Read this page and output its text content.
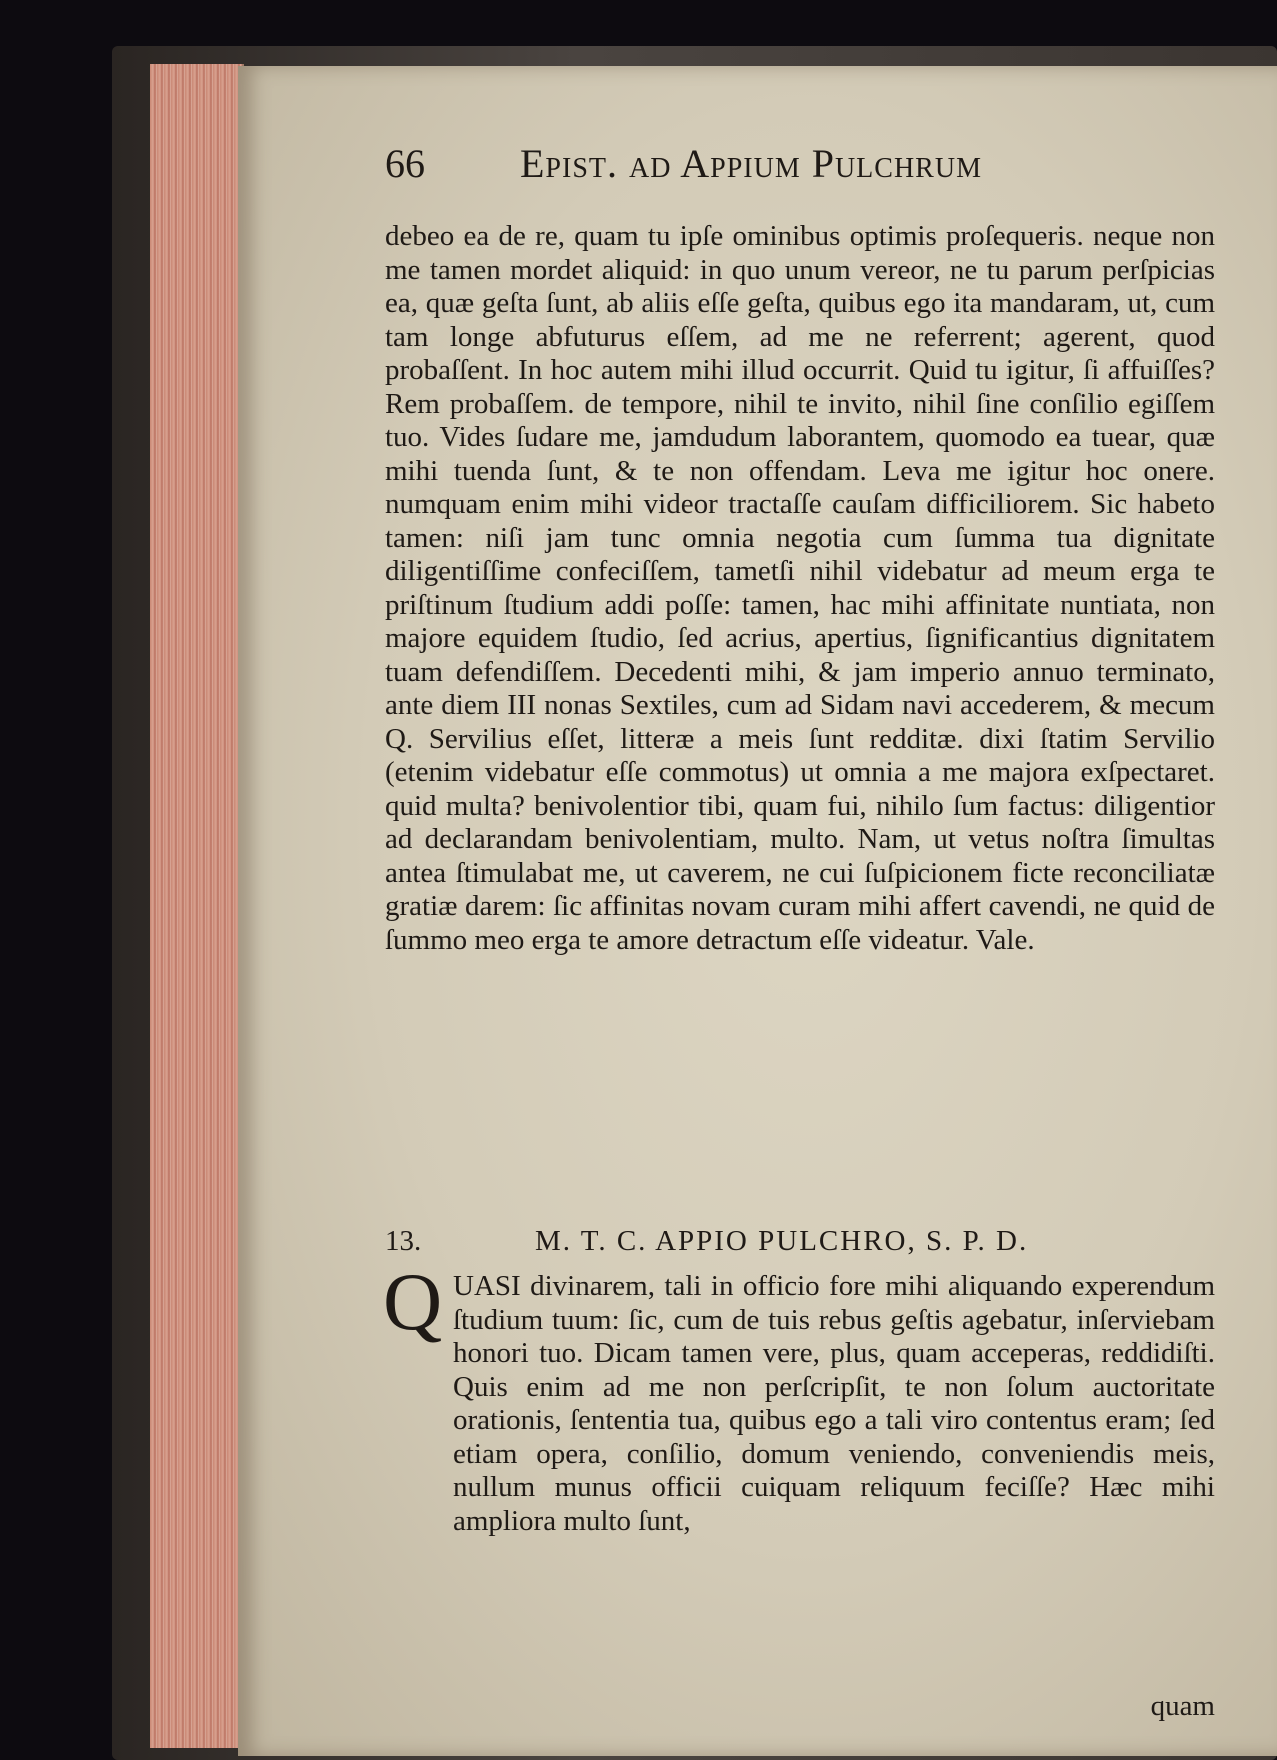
66 Epist. ad Appium Pulchrum

debeo ea de re, quam tu ipſe ominibus optimis proſequeris. neque non me tamen mordet aliquid: in quo unum vereor, ne tu parum perſpicias ea, quæ geſta ſunt, ab aliis eſſe geſta, quibus ego ita mandaram, ut, cum tam longe abfuturus eſſem, ad me ne referrent; agerent, quod probaſſent. In hoc autem mihi illud occurrit. Quid tu igitur, ſi affuiſſes? Rem probaſſem. de tempore, nihil te invito, nihil ſine conſilio egiſſem tuo. Vides ſudare me, jamdudum laborantem, quomodo ea tuear, quæ mihi tuenda ſunt, & te non offendam. Leva me igitur hoc onere. numquam enim mihi videor tractaſſe cauſam difficiliorem. Sic habeto tamen: niſi jam tunc omnia negotia cum ſumma tua dignitate diligentiſſime confeciſſem, tametſi nihil videbatur ad meum erga te priſtinum ſtudium addi poſſe: tamen, hac mihi affinitate nuntiata, non majore equidem ſtudio, ſed acrius, apertius, ſignificantius dignitatem tuam defendiſſem. Decedenti mihi, & jam imperio annuo terminato, ante diem III nonas Sextiles, cum ad Sidam navi accederem, & mecum Q. Servilius eſſet, litteræ a meis ſunt redditæ. dixi ſtatim Servilio (etenim videbatur eſſe commotus) ut omnia a me majora exſpectaret. quid multa? benivolentior tibi, quam fui, nihilo ſum factus: diligentior ad declarandam benivolentiam, multo. Nam, ut vetus noſtra ſimultas antea ſtimulabat me, ut caverem, ne cui ſuſpicionem ficte reconciliatæ gratiæ darem: ſic affinitas novam curam mihi affert cavendi, ne quid de ſummo meo erga te amore detractum eſſe videatur. Vale.

13.	M. T. C. APPIO PULCHRO, S. P. D.
Q UASI divinarem, tali in officio fore mihi aliquando experendum ſtudium tuum: ſic, cum de tuis rebus geſtis agebatur, inſerviebam honori tuo. Dicam tamen vere, plus, quam acceperas, reddidiſti. Quis enim ad me non perſcripſit, te non ſolum auctoritate orationis, ſententia tua, quibus ego a tali viro contentus eram; ſed etiam opera, conſilio, domum veniendo, conveniendis meis, nullum munus officii cuiquam reliquum feciſſe? Hæc mihi ampliora multo ſunt,

quam
